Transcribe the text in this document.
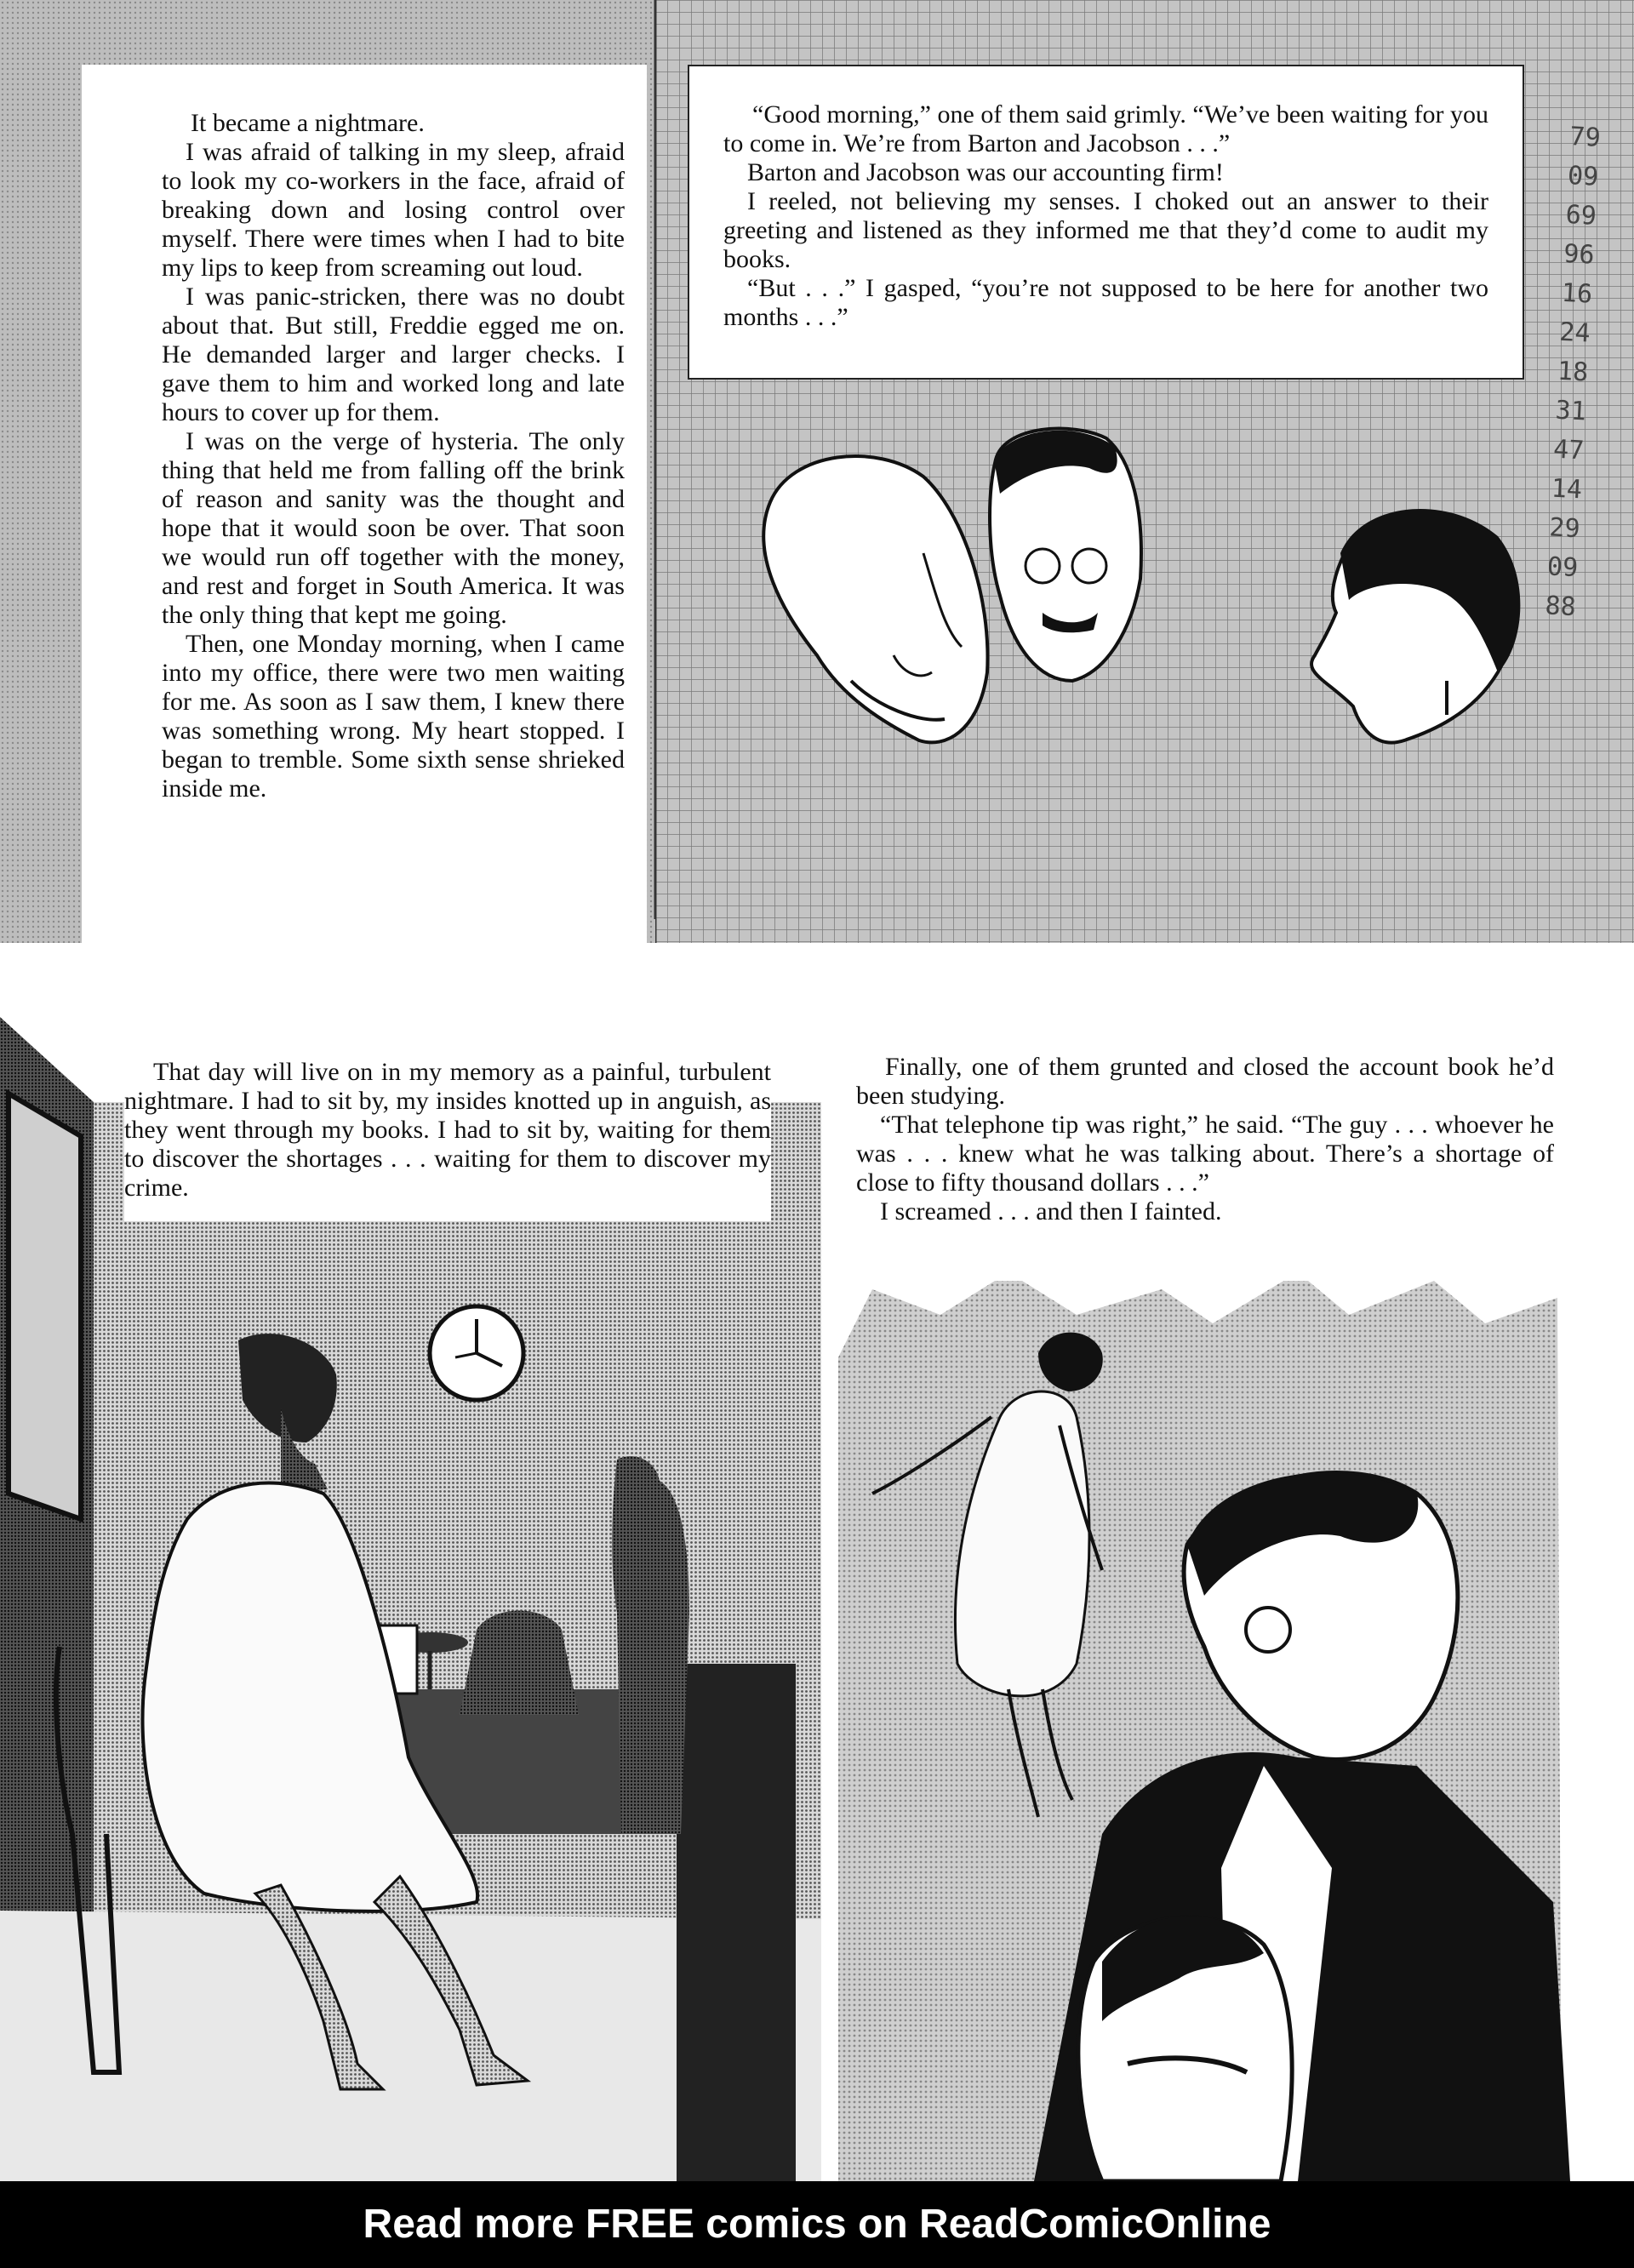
79
09
69
96
16
24
18
31
47
14
29
09
88

It became a nightmare.

I was afraid of talking in my sleep, afraid to look my co-workers in the face, afraid of breaking down and losing control over myself. There were times when I had to bite my lips to keep from screaming out loud.

I was panic-stricken, there was no doubt about that. But still, Freddie egged me on. He demanded larger and larger checks. I gave them to him and worked long and late hours to cover up for them.

I was on the verge of hysteria. The only thing that held me from falling off the brink of reason and sanity was the thought and hope that it would soon be over. That soon we would run off together with the money, and rest and forget in South America. It was the only thing that kept me going.

Then, one Monday morning, when I came into my office, there were two men waiting for me. As soon as I saw them, I knew there was something wrong. My heart stopped. I began to tremble. Some sixth sense shrieked inside me.

“Good morning,” one of them said grimly. “We’ve been waiting for you to come in. We’re from Barton and Jacobson . . .”

Barton and Jacobson was our accounting firm!

I reeled, not believing my senses. I choked out an answer to their greeting and listened as they informed me that they’d come to audit my books.

“But . . .” I gasped, “you’re not supposed to be here for another two months . . .”

That day will live on in my memory as a painful, turbulent nightmare. I had to sit by, my insides knotted up in anguish, as they went through my books. I had to sit by, waiting for them to discover the shortages . . . waiting for them to discover my crime.

Finally, one of them grunted and closed the account book he’d been studying.

“That telephone tip was right,” he said. “The guy . . . whoever he was . . . knew what he was talking about. There’s a shortage of close to fifty thousand dollars . . .”

I screamed . . . and then I fainted.

Read more FREE comics on ReadComicOnline
